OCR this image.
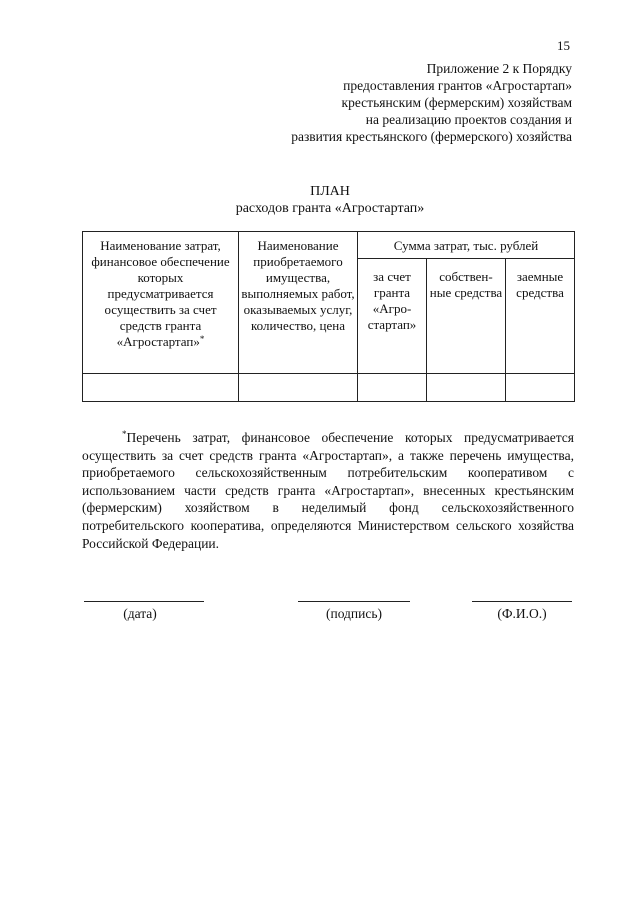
15
Приложение 2 к Порядку
предоставления грантов «Агростартап»
крестьянским (фермерским) хозяйствам
на реализацию проектов создания и
развития крестьянского (фермерского) хозяйства
ПЛАН
расходов гранта «Агростартап»
Наименование затрат, финансовое обеспечение которых предусматривается осуществить за счет средств гранта «Агростартап»*	Наименование приобретаемого имущества, выполняемых работ, оказываемых услуг, количество, цена	Сумма затрат, тыс. рублей		
		за счет гранта «Агро-стартап»	собствен-ные средства	заемные средства

*Перечень затрат, финансовое обеспечение которых предусматривается осуществить за счет средств гранта «Агростартап», а также перечень имущества, приобретаемого сельскохозяйственным потребительским кооперативом с использованием части средств гранта «Агростартап», внесенных крестьянским (фермерским) хозяйством в неделимый фонд сельскохозяйственного потребительского кооператива, определяются Министерством сельского хозяйства Российской Федерации.

(дата)	(подпись)	(Ф.И.О.)
